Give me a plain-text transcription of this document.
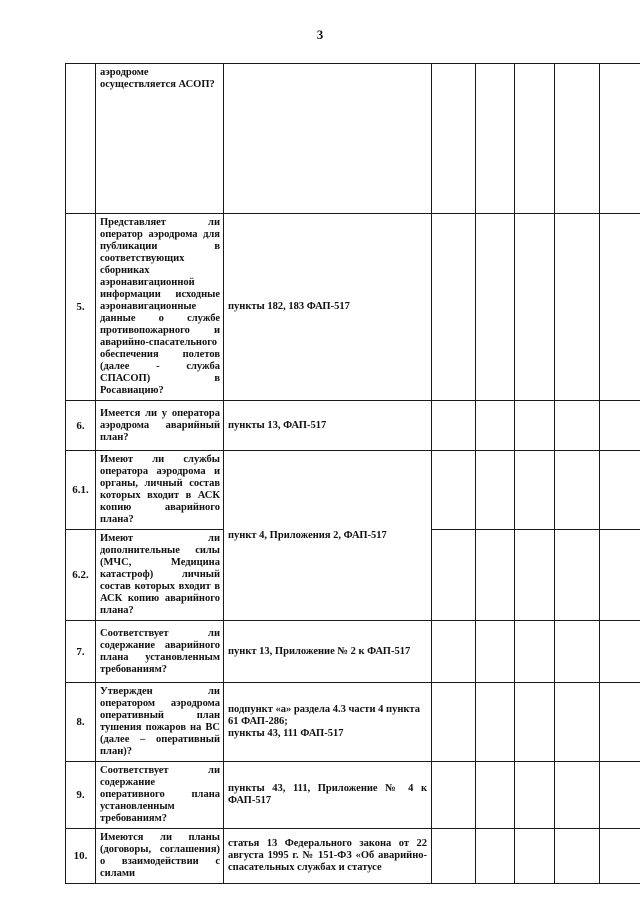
3
	аэродроме
осуществляется АСОП?						
5.	Представляет ли оператор аэродрома для публикации в соответствующих сборниках аэронавигационной информации исходные аэронавигационные данные о службе противопожарного и аварийно-спасательного обеспечения полетов (далее - служба СПАСОП) в Росавиацию?	пункты 182, 183 ФАП-517					
6.	Имеется ли у оператора аэродрома аварийный план?	пункты 13, ФАП-517					
6.1.	Имеют ли службы оператора аэродрома и органы, личный состав которых входит в АСК копию аварийного плана?	пункт 4, Приложения 2, ФАП-517					
6.2.	Имеют ли дополнительные силы (МЧС, Медицина катастроф) личный состав которых входит в АСК копию аварийного плана?						
7.	Соответствует ли содержание аварийного плана установленным требованиям?	пункт 13, Приложение № 2 к ФАП-517					
8.	Утвержден ли оператором аэродрома оперативный план тушения пожаров на ВС (далее – оперативный план)?	подпункт «а» раздела 4.3 части 4 пункта 61 ФАП-286;
пункты 43, 111 ФАП-517					
9.	Соответствует ли содержание оперативного плана установленным требованиям?	пункты 43, 111, Приложение № 4 к ФАП-517					
10.	Имеются ли планы (договоры, соглашения) о взаимодействии с силами	статья 13 Федерального закона от 22 августа 1995 г. № 151-ФЗ «Об аварийно-спасательных службах и статусе					
